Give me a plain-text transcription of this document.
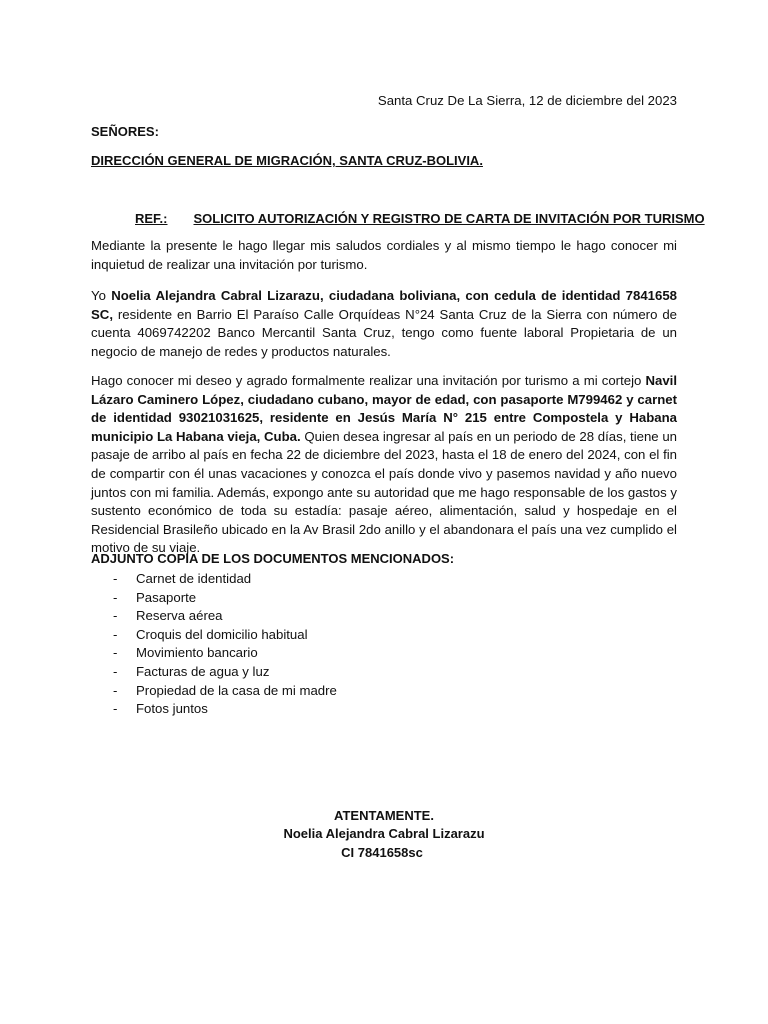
Santa Cruz De La Sierra, 12 de diciembre del 2023
SEÑORES:
DIRECCIÓN GENERAL DE MIGRACIÓN, SANTA CRUZ-BOLIVIA.
REF.: SOLICITO AUTORIZACIÓN Y REGISTRO DE CARTA DE INVITACIÓN POR TURISMO
Mediante la presente le hago llegar mis saludos cordiales y al mismo tiempo le hago conocer mi inquietud de realizar una invitación por turismo.
Yo Noelia Alejandra Cabral Lizarazu, ciudadana boliviana, con cedula de identidad 7841658 SC, residente en Barrio El Paraíso Calle Orquídeas N°24 Santa Cruz de la Sierra con número de cuenta 4069742202 Banco Mercantil Santa Cruz, tengo como fuente laboral Propietaria de un negocio de manejo de redes y productos naturales.
Hago conocer mi deseo y agrado formalmente realizar una invitación por turismo a mi cortejo Navil Lázaro Caminero López, ciudadano cubano, mayor de edad, con pasaporte M799462 y carnet de identidad 93021031625, residente en Jesús María N° 215 entre Compostela y Habana municipio La Habana vieja, Cuba. Quien desea ingresar al país en un periodo de 28 días, tiene un pasaje de arribo al país en fecha 22 de diciembre del 2023, hasta el 18 de enero del 2024, con el fin de compartir con él unas vacaciones y conozca el país donde vivo y pasemos navidad y año nuevo juntos con mi familia. Además, expongo ante su autoridad que me hago responsable de los gastos y sustento económico de toda su estadía: pasaje aéreo, alimentación, salud y hospedaje en el Residencial Brasileño ubicado en la Av Brasil 2do anillo y el abandonara el país una vez cumplido el motivo de su viaje.
ADJUNTO COPIA DE LOS DOCUMENTOS MENCIONADOS:
- Carnet de identidad
- Pasaporte
- Reserva aérea
- Croquis del domicilio habitual
- Movimiento bancario
- Facturas de agua y luz
- Propiedad de la casa de mi madre
- Fotos juntos
ATENTAMENTE.
Noelia Alejandra Cabral Lizarazu
CI 7841658sc
